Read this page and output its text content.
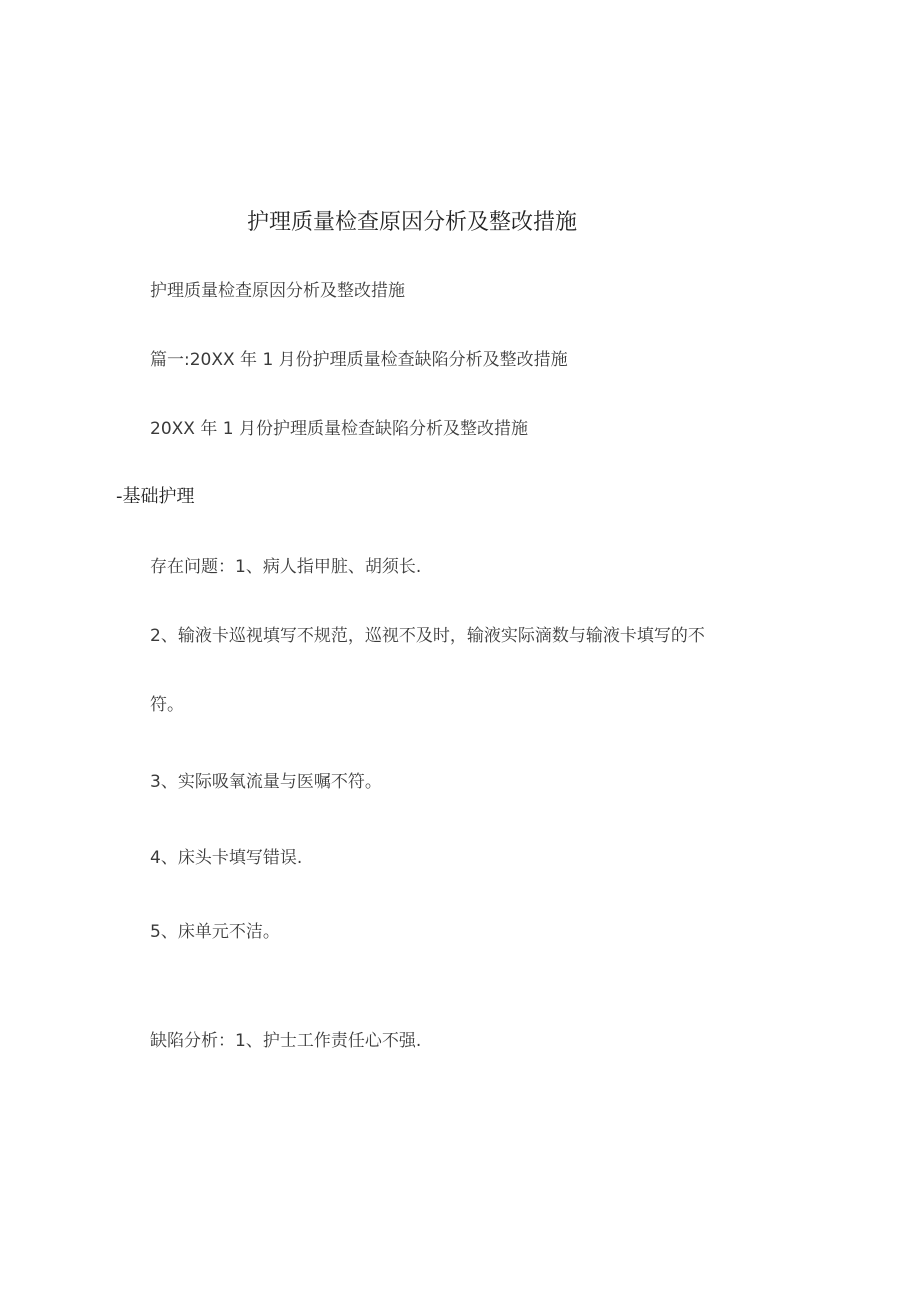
护理质量检查原因分析及整改措施
护理质量检查原因分析及整改措施
篇一:20XX 年 1 月份护理质量检查缺陷分析及整改措施
20XX 年 1 月份护理质量检查缺陷分析及整改措施
-基础护理
存在问题：1、病人指甲脏、胡须长.
2、输液卡巡视填写不规范，巡视不及时，输液实际滴数与输液卡填写的不
符。
3、实际吸氧流量与医嘱不符。
4、床头卡填写错误.
5、床单元不洁。
缺陷分析：1、护士工作责任心不强.
